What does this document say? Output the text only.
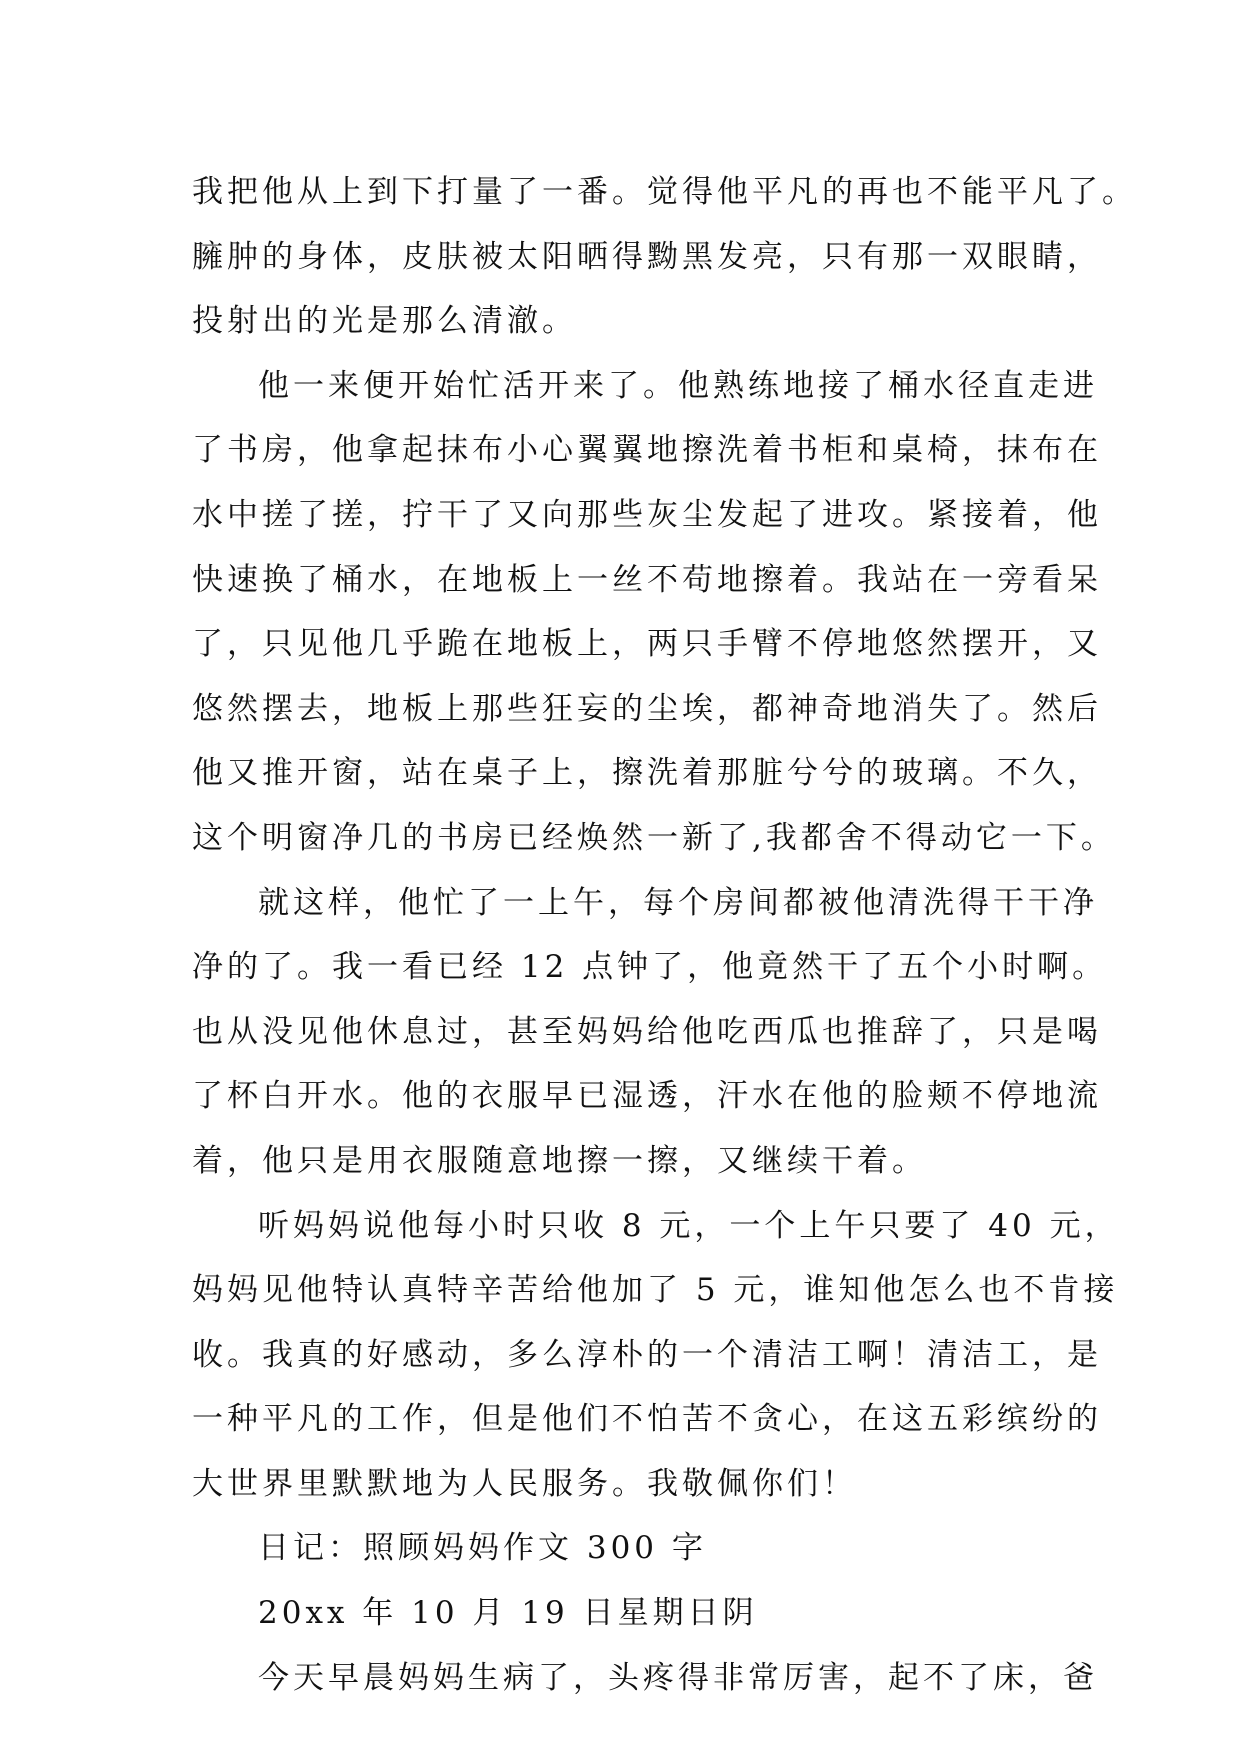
我把他从上到下打量了一番。觉得他平凡的再也不能平凡了。
臃肿的身体，皮肤被太阳晒得黝黑发亮，只有那一双眼睛，
投射出的光是那么清澈。
他一来便开始忙活开来了。他熟练地接了桶水径直走进
了书房，他拿起抹布小心翼翼地擦洗着书柜和桌椅，抹布在
水中搓了搓，拧干了又向那些灰尘发起了进攻。紧接着，他
快速换了桶水，在地板上一丝不苟地擦着。我站在一旁看呆
了，只见他几乎跪在地板上，两只手臂不停地悠然摆开，又
悠然摆去，地板上那些狂妄的尘埃，都神奇地消失了。然后
他又推开窗，站在桌子上，擦洗着那脏兮兮的玻璃。不久，
这个明窗净几的书房已经焕然一新了,我都舍不得动它一下。
就这样，他忙了一上午，每个房间都被他清洗得干干净
净的了。我一看已经 12 点钟了，他竟然干了五个小时啊。
也从没见他休息过，甚至妈妈给他吃西瓜也推辞了，只是喝
了杯白开水。他的衣服早已湿透，汗水在他的脸颊不停地流
着，他只是用衣服随意地擦一擦，又继续干着。
听妈妈说他每小时只收 8 元，一个上午只要了 40 元，
妈妈见他特认真特辛苦给他加了 5 元，谁知他怎么也不肯接
收。我真的好感动，多么淳朴的一个清洁工啊！清洁工，是
一种平凡的工作，但是他们不怕苦不贪心，在这五彩缤纷的
大世界里默默地为人民服务。我敬佩你们！
日记：照顾妈妈作文 300 字
20xx 年 10 月 19 日星期日阴
今天早晨妈妈生病了，头疼得非常厉害，起不了床，爸
